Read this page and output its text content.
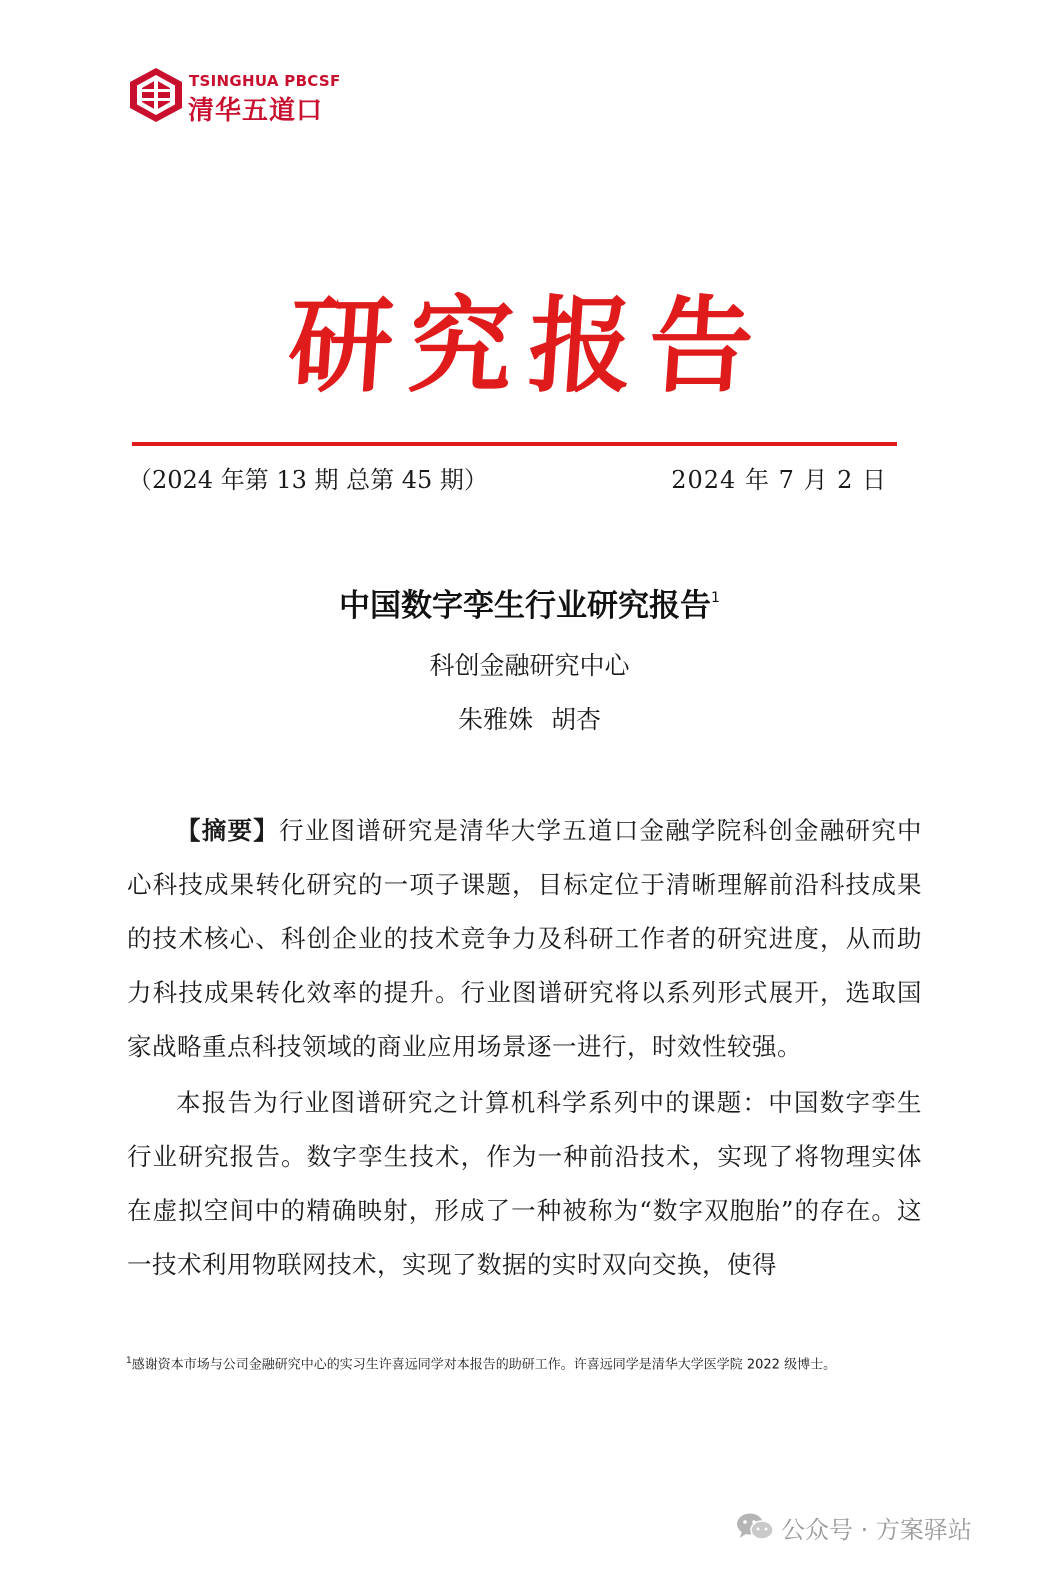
TSINGHUA PBCSF
清华五道口
研究报告
（2024 年第 13 期 总第 45 期）	2024 年 7 月 2 日
中国数字孪生行业研究报告$^1$
科创金融研究中心
朱雅姝 胡杏
【摘要】行业图谱研究是清华大学五道口金融学院科创金融研究中心科技成果转化研究的一项子课题，目标定位于清晰理解前沿科技成果的技术核心、科创企业的技术竞争力及科研工作者的研究进度，从而助力科技成果转化效率的提升。行业图谱研究将以系列形式展开，选取国家战略重点科技领域的商业应用场景逐一进行，时效性较强。
本报告为行业图谱研究之计算机科学系列中的课题：中国数字孪生行业研究报告。数字孪生技术，作为一种前沿技术，实现了将物理实体在虚拟空间中的精确映射，形成了一种被称为“数字双胞胎”的存在。这一技术利用物联网技术，实现了数据的实时双向交换，使得
$^1$感谢资本市场与公司金融研究中心的实习生许喜远同学对本报告的助研工作。许喜远同学是清华大学医学院 2022 级博士。
公众号 · 方案驿站
